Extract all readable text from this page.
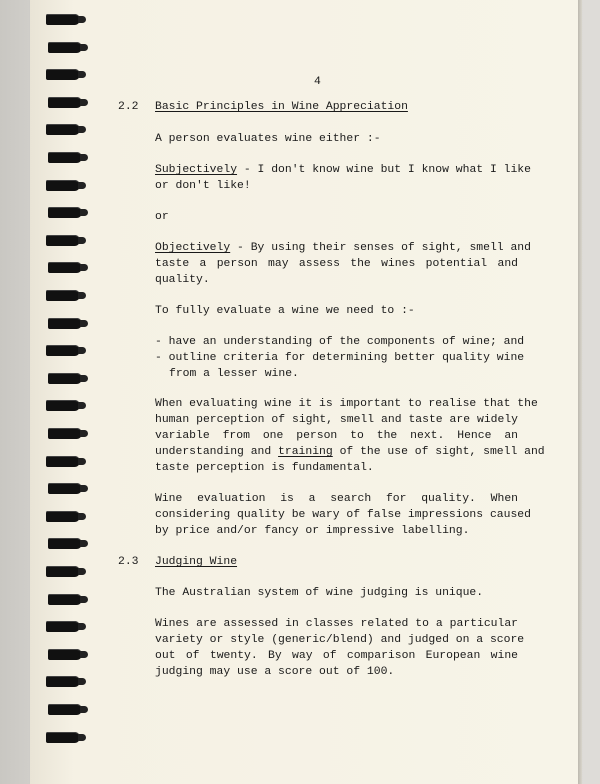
4
2.2 Basic Principles in Wine Appreciation
A person evaluates wine either :-
Subjectively - I don't know wine but I know what I like
or don't like!
or
Objectively - By using their senses of sight, smell and
taste a person may assess the wines potential and
quality.
To fully evaluate a wine we need to :-
- have an understanding of the components of wine; and
- outline criteria for determining better quality wine
from a lesser wine.
When evaluating wine it is important to realise that the
human perception of sight, smell and taste are widely
variable from one person to the next. Hence an
understanding and training of the use of sight, smell and
taste perception is fundamental.
Wine evaluation is a search for quality. When
considering quality be wary of false impressions caused
by price and/or fancy or impressive labelling.
2.3 Judging Wine
The Australian system of wine judging is unique.
Wines are assessed in classes related to a particular
variety or style (generic/blend) and judged on a score
out of twenty. By way of comparison European wine
judging may use a score out of 100.
